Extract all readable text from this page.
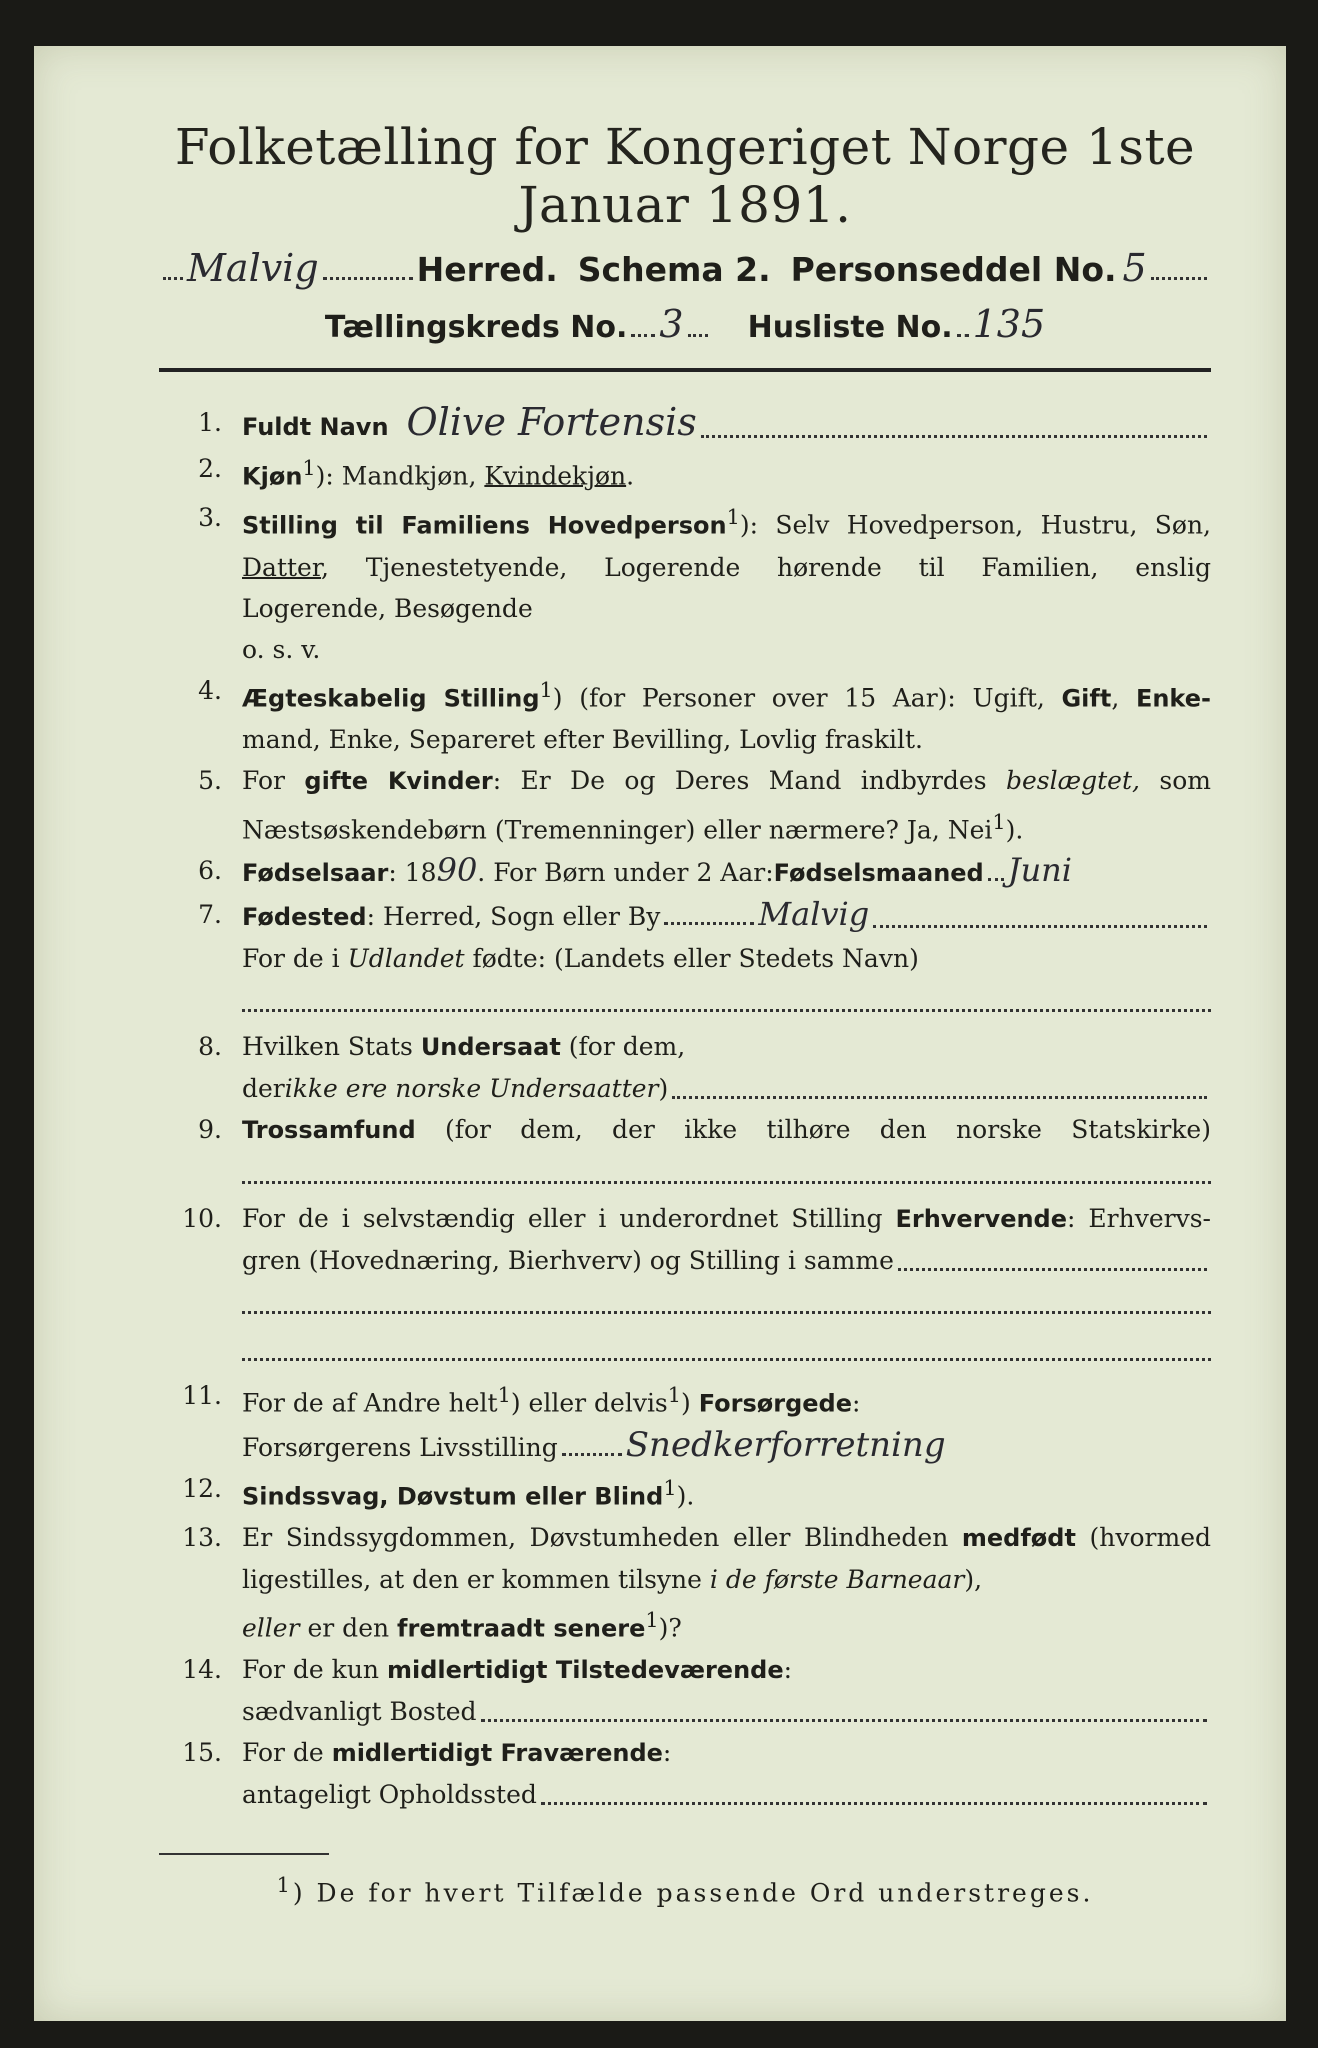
Folketælling for Kongeriget Norge 1ste Januar 1891.
Malvig	Herred. Schema 2. Personseddel No. 5
Tællingskreds No. 3 Husliste No. 135
1. Fuldt Navn Olive Fortensis
2. Kjøn$^1$): Mandkjøn, Kvindekjøn.
3. Stilling til Familiens Hovedperson$^1$): Selv Hovedperson, Hustru, Søn,
Datter, Tjenestetyende, Logerende hørende til Familien, enslig
Logerende, Besøgende
o. s. v.
4. Ægteskabelig Stilling$^1$) (for Personer over 15 Aar): Ugift, Gift, Enke-
mand, Enke, Separeret efter Bevilling, Lovlig fraskilt.
5. For gifte Kvinder: Er De og Deres Mand indbyrdes beslægtet, som
Næstsøskendebørn (Tremenninger) eller nærmere? Ja, Nei$^1$).
6. Fødselsaar : 18 90 . For Børn under 2 Aar: Fødselsmaaned Juni
7. Fødested : Herred, Sogn eller By	Malvig
For de i Udlandet fødte: (Landets eller Stedets Navn)
8. Hvilken Stats Undersaat (for dem,
der ikke ere norske Undersaatter )
9. Trossamfund (for dem, der ikke tilhøre den norske Statskirke)
10. For de i selvstændig eller i underordnet Stilling Erhvervende: Erhvervs-
gren (Hovednæring, Bierhverv) og Stilling i samme
11. For de af Andre helt$^1$) eller delvis$^1$) Forsørgede:
Forsørgerens Livsstilling Snedkerforretning
12. Sindssvag, Døvstum eller Blind$^1$).
13. Er Sindssygdommen, Døvstumheden eller Blindheden medfødt (hvormed
ligestilles, at den er kommen tilsyne i de første Barneaar),
eller er den fremtraadt senere$^1$)?
14. For de kun midlertidigt Tilstedeværende:
sædvanligt Bosted
15. For de midlertidigt Fraværende:
antageligt Opholdssted
$^1$) De for hvert Tilfælde passende Ord understreges.
